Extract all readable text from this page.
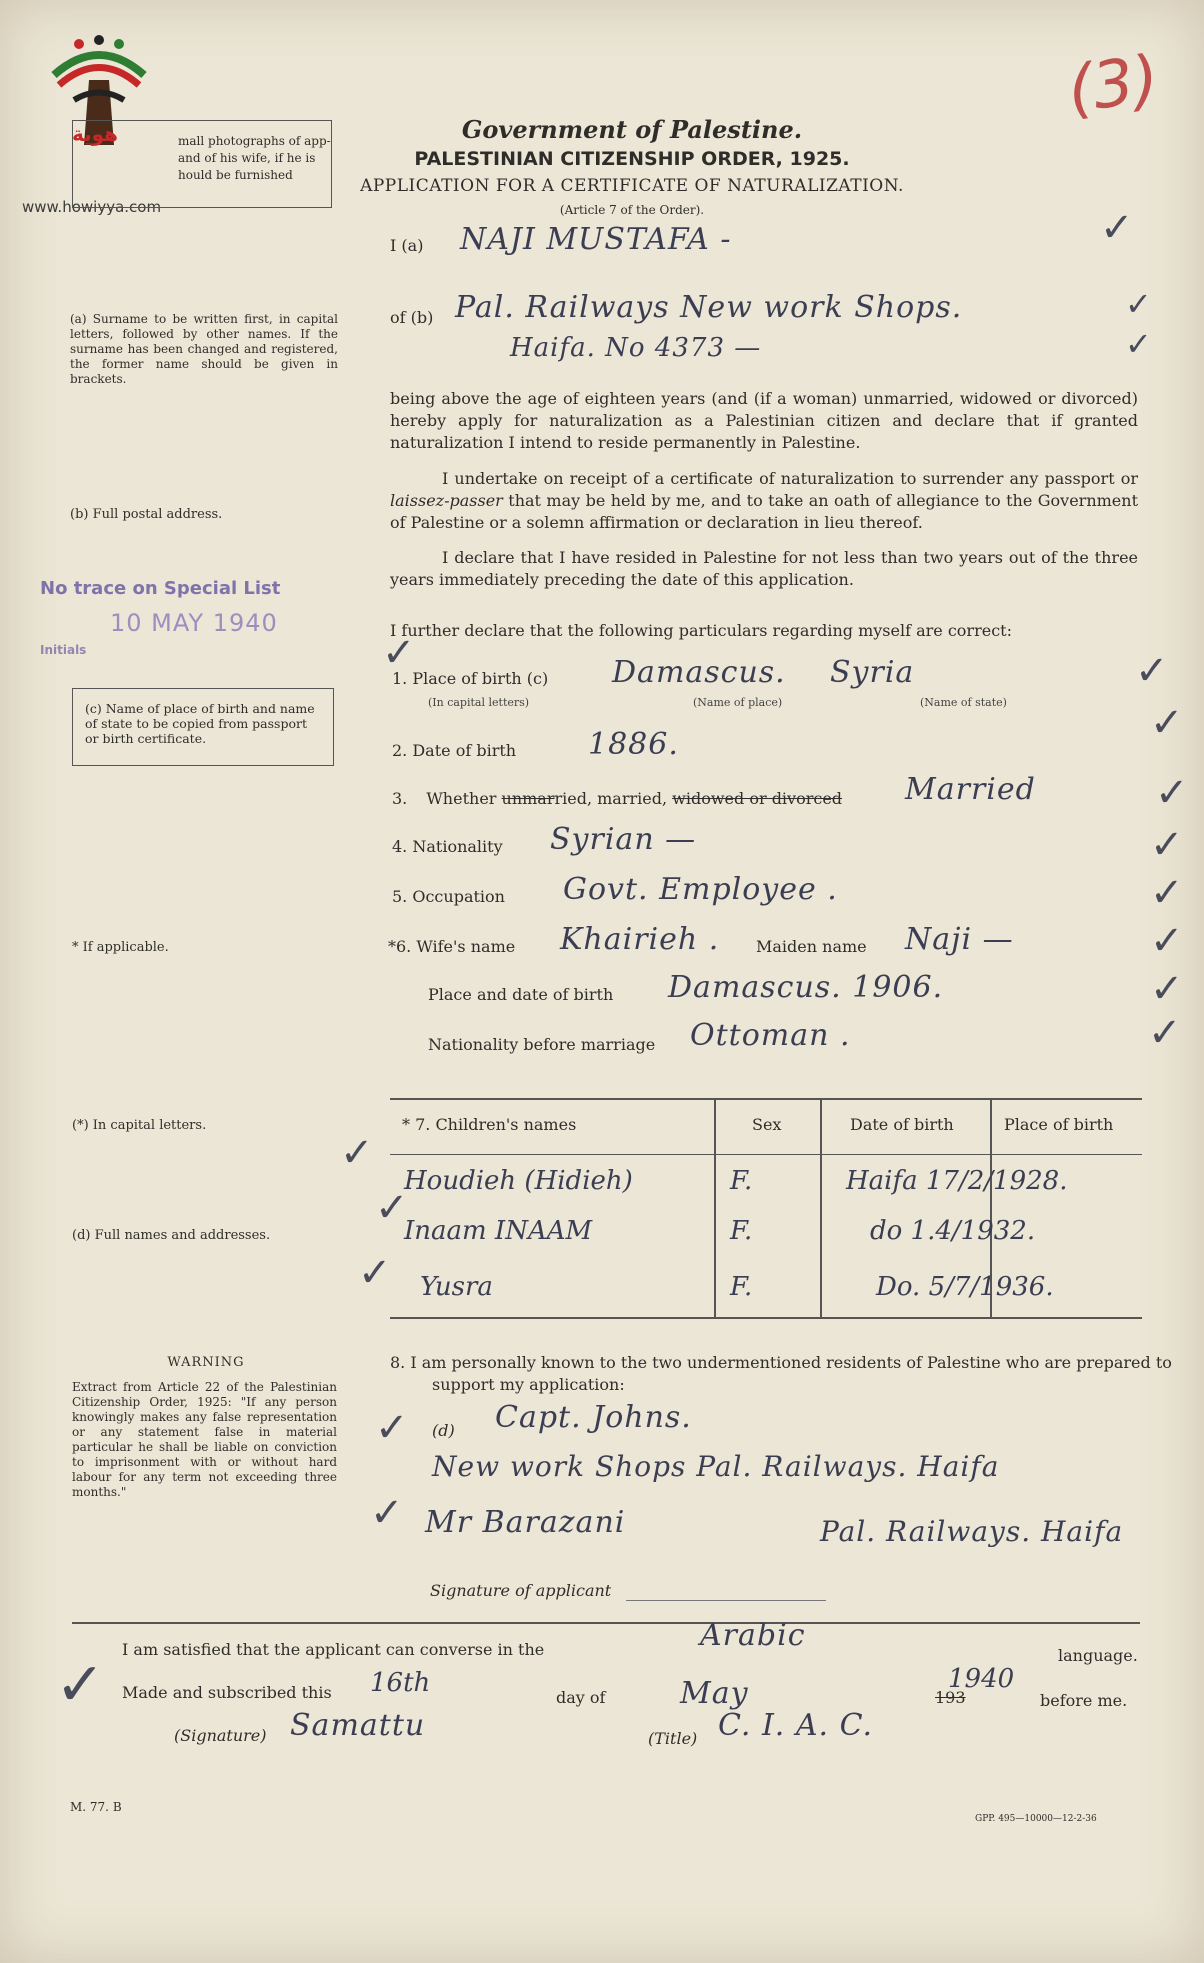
هوية
www.howiyya.com
mall photographs of app-
and of his wife, if he is
hould be furnished
(3)
Government of Palestine.
PALESTINIAN CITIZENSHIP ORDER, 1925.
APPLICATION FOR A CERTIFICATE OF NATURALIZATION.
(Article 7 of the Order).
I (a) NAJI MUSTAFA -	✓
(a) Surname to be written first, in capital letters, followed by other names. If the surname has been changed and registered, the former name should be given in brackets.
of (b) Pal. Railways New work Shops.
Haifa. No 4373 —
✓
✓
being above the age of eighteen years (and (if a woman) unmarried, widowed or divorced) hereby apply for naturalization as a Palestinian citizen and declare that if granted naturalization I intend to reside permanently in Palestine.
I undertake on receipt of a certificate of naturalization to surrender any passport or laissez-passer that may be held by me, and to take an oath of allegiance to the Government of Palestine or a solemn affirmation or declaration in lieu thereof.
(b) Full postal address.
I declare that I have resided in Palestine for not less than two years out of the three years immediately preceding the date of this application.
No trace on Special List
10 MAY 1940
Initials
I further declare that the following particulars regarding myself are correct:
(c) Name of place of birth and name of state to be copied from passport or birth certificate.
✓
1. Place of birth (c) Damascus. Syria
(In capital letters)	(Name of place)	(Name of state)
✓
2. Date of birth 1886.	✓
3. Whether unmarried, married, widowed or divorced Married	✓
4. Nationality Syrian —	✓
5. Occupation Govt. Employee .	✓
* If applicable.	*6. Wife's name Khairieh . Maiden name Naji —	✓
Place and date of birth Damascus. 1906.	✓
Nationality before marriage Ottoman .	✓
(*) In capital letters.
(d) Full names and addresses.
* 7. Children's names	Sex	Date of birth	Place of birth
Houdieh (Hidieh)	F.	Haifa 17/2/1928.
Inaam INAAM	F.	do 1.4/1932.
Yusra	F.	Do. 5/7/1936.
✓
✓
✓
WARNING
Extract from Article 22 of the Palestinian Citizenship Order, 1925: "If any person knowingly makes any false representation or any statement false in material particular he shall be liable on conviction to imprisonment with or without hard labour for any term not exceeding three months."
8. I am personally known to the two undermentioned residents of Palestine who are prepared to support my application:
(d) Capt. Johns.
New work Shops Pal. Railways. Haifa
Mr Barazani	Pal. Railways. Haifa
✓
✓
Signature of applicant
✓
I am satisfied that the applicant can converse in the	Arabic
language.
Made and subscribed this 16th	day of May	193
1940
before me.
(Signature) Samattu	(Title) C. I. A. C.
M. 77. B
GPP. 495—10000—12-2-36
